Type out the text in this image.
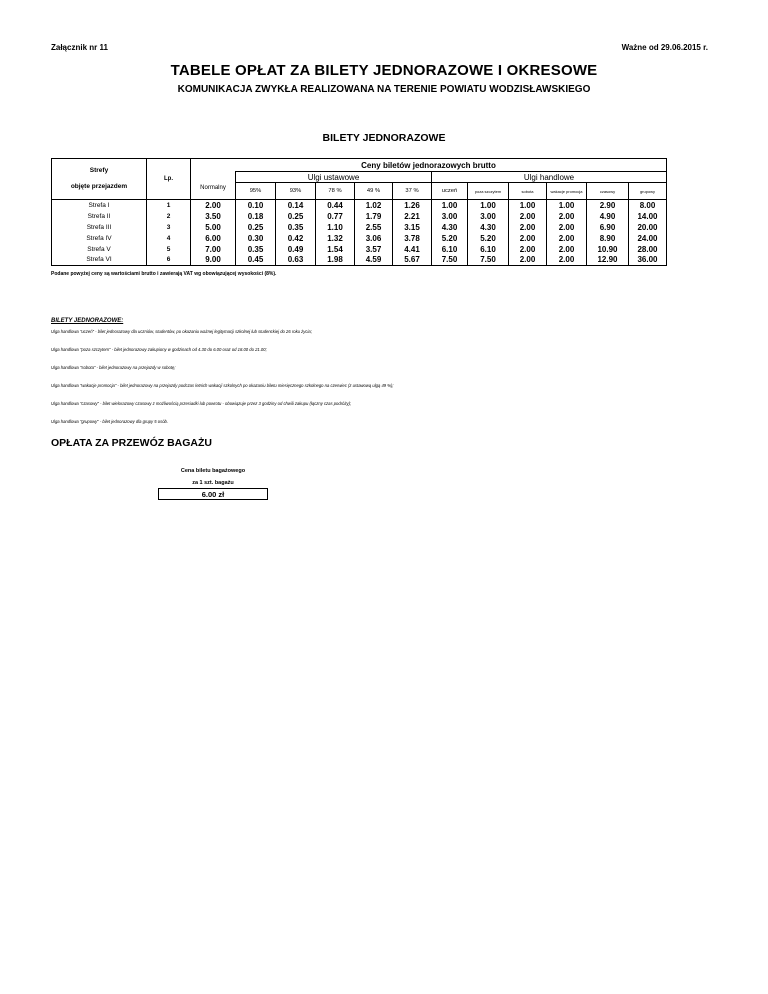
Załącznik nr 11	Ważne od 29.06.2015 r.
TABELE OPŁAT ZA BILETY JEDNORAZOWE I OKRESOWE
KOMUNIKACJA ZWYKŁA REALIZOWANA NA TERENIE POWIATU WODZISŁAWSKIEGO
BILETY JEDNORAZOWE
Strefy	Lp.	Ceny biletów jednorazowych brutto											
		Normalny	Ulgi ustawowe					Ulgi handlowe					
objęte przejazdem			95%	93%	78 %	49 %	37 %	uczeń	poza szczytem	sobota	wakacje promocja	czasowy	grupowy
Strefa I	1	2.00	0.10	0.14	0.44	1.02	1.26	1.00	1.00	1.00	1.00	2.90	8.00
Strefa II	2	3.50	0.18	0.25	0.77	1.79	2.21	3.00	3.00	2.00	2.00	4.90	14.00
Strefa III	3	5.00	0.25	0.35	1.10	2.55	3.15	4.30	4.30	2.00	2.00	6.90	20.00
Strefa IV	4	6.00	0.30	0.42	1.32	3.06	3.78	5.20	5.20	2.00	2.00	8.90	24.00
Strefa V	5	7.00	0.35	0.49	1.54	3.57	4.41	6.10	6.10	2.00	2.00	10.90	28.00
Strefa VI	6	9.00	0.45	0.63	1.98	4.59	5.67	7.50	7.50	2.00	2.00	12.90	36.00
Podane powyżej ceny są wartościami brutto i zawierają VAT wg obowiązującej wysokości (8%).
BILETY JEDNORAZOWE:
Ulga handlowa "uczeń" - bilet jednorazowy dla uczniów, studentów, po okazaniu ważnej legitymacji szkolnej lub studenckiej do 26 roku życia;
Ulga handlowa "poza szczytem" - bilet jednorazowy zakupiony w godzinach od 4.30 do 6.00 oraz od 18.00 do 21.00;
Ulga handlowa "sobota" - bilet jednorazowy na przejazdy w sobotę;
Ulga handlowa "wakacje promocja" - bilet jednorazowy na przejazdy podczas letnich wakacji szkolnych po okazaniu biletu miesięcznego szkolnego na czerwiec (z ustawową ulgą 49 %);
Ulga handlowa "czasowy" - bilet wielorazowy czasowy z możliwością przesiadki lub powrotu - obowiązuje przez 3 godziny od chwili zakupu (łączny czas podróży);
Ulga handlowa "grupowy" - bilet jednorazowy dla grupy 5 osób.
OPŁATA ZA PRZEWÓZ BAGAŻU
Cena biletu bagażowego
za 1 szt. bagażu
6.00 zł
